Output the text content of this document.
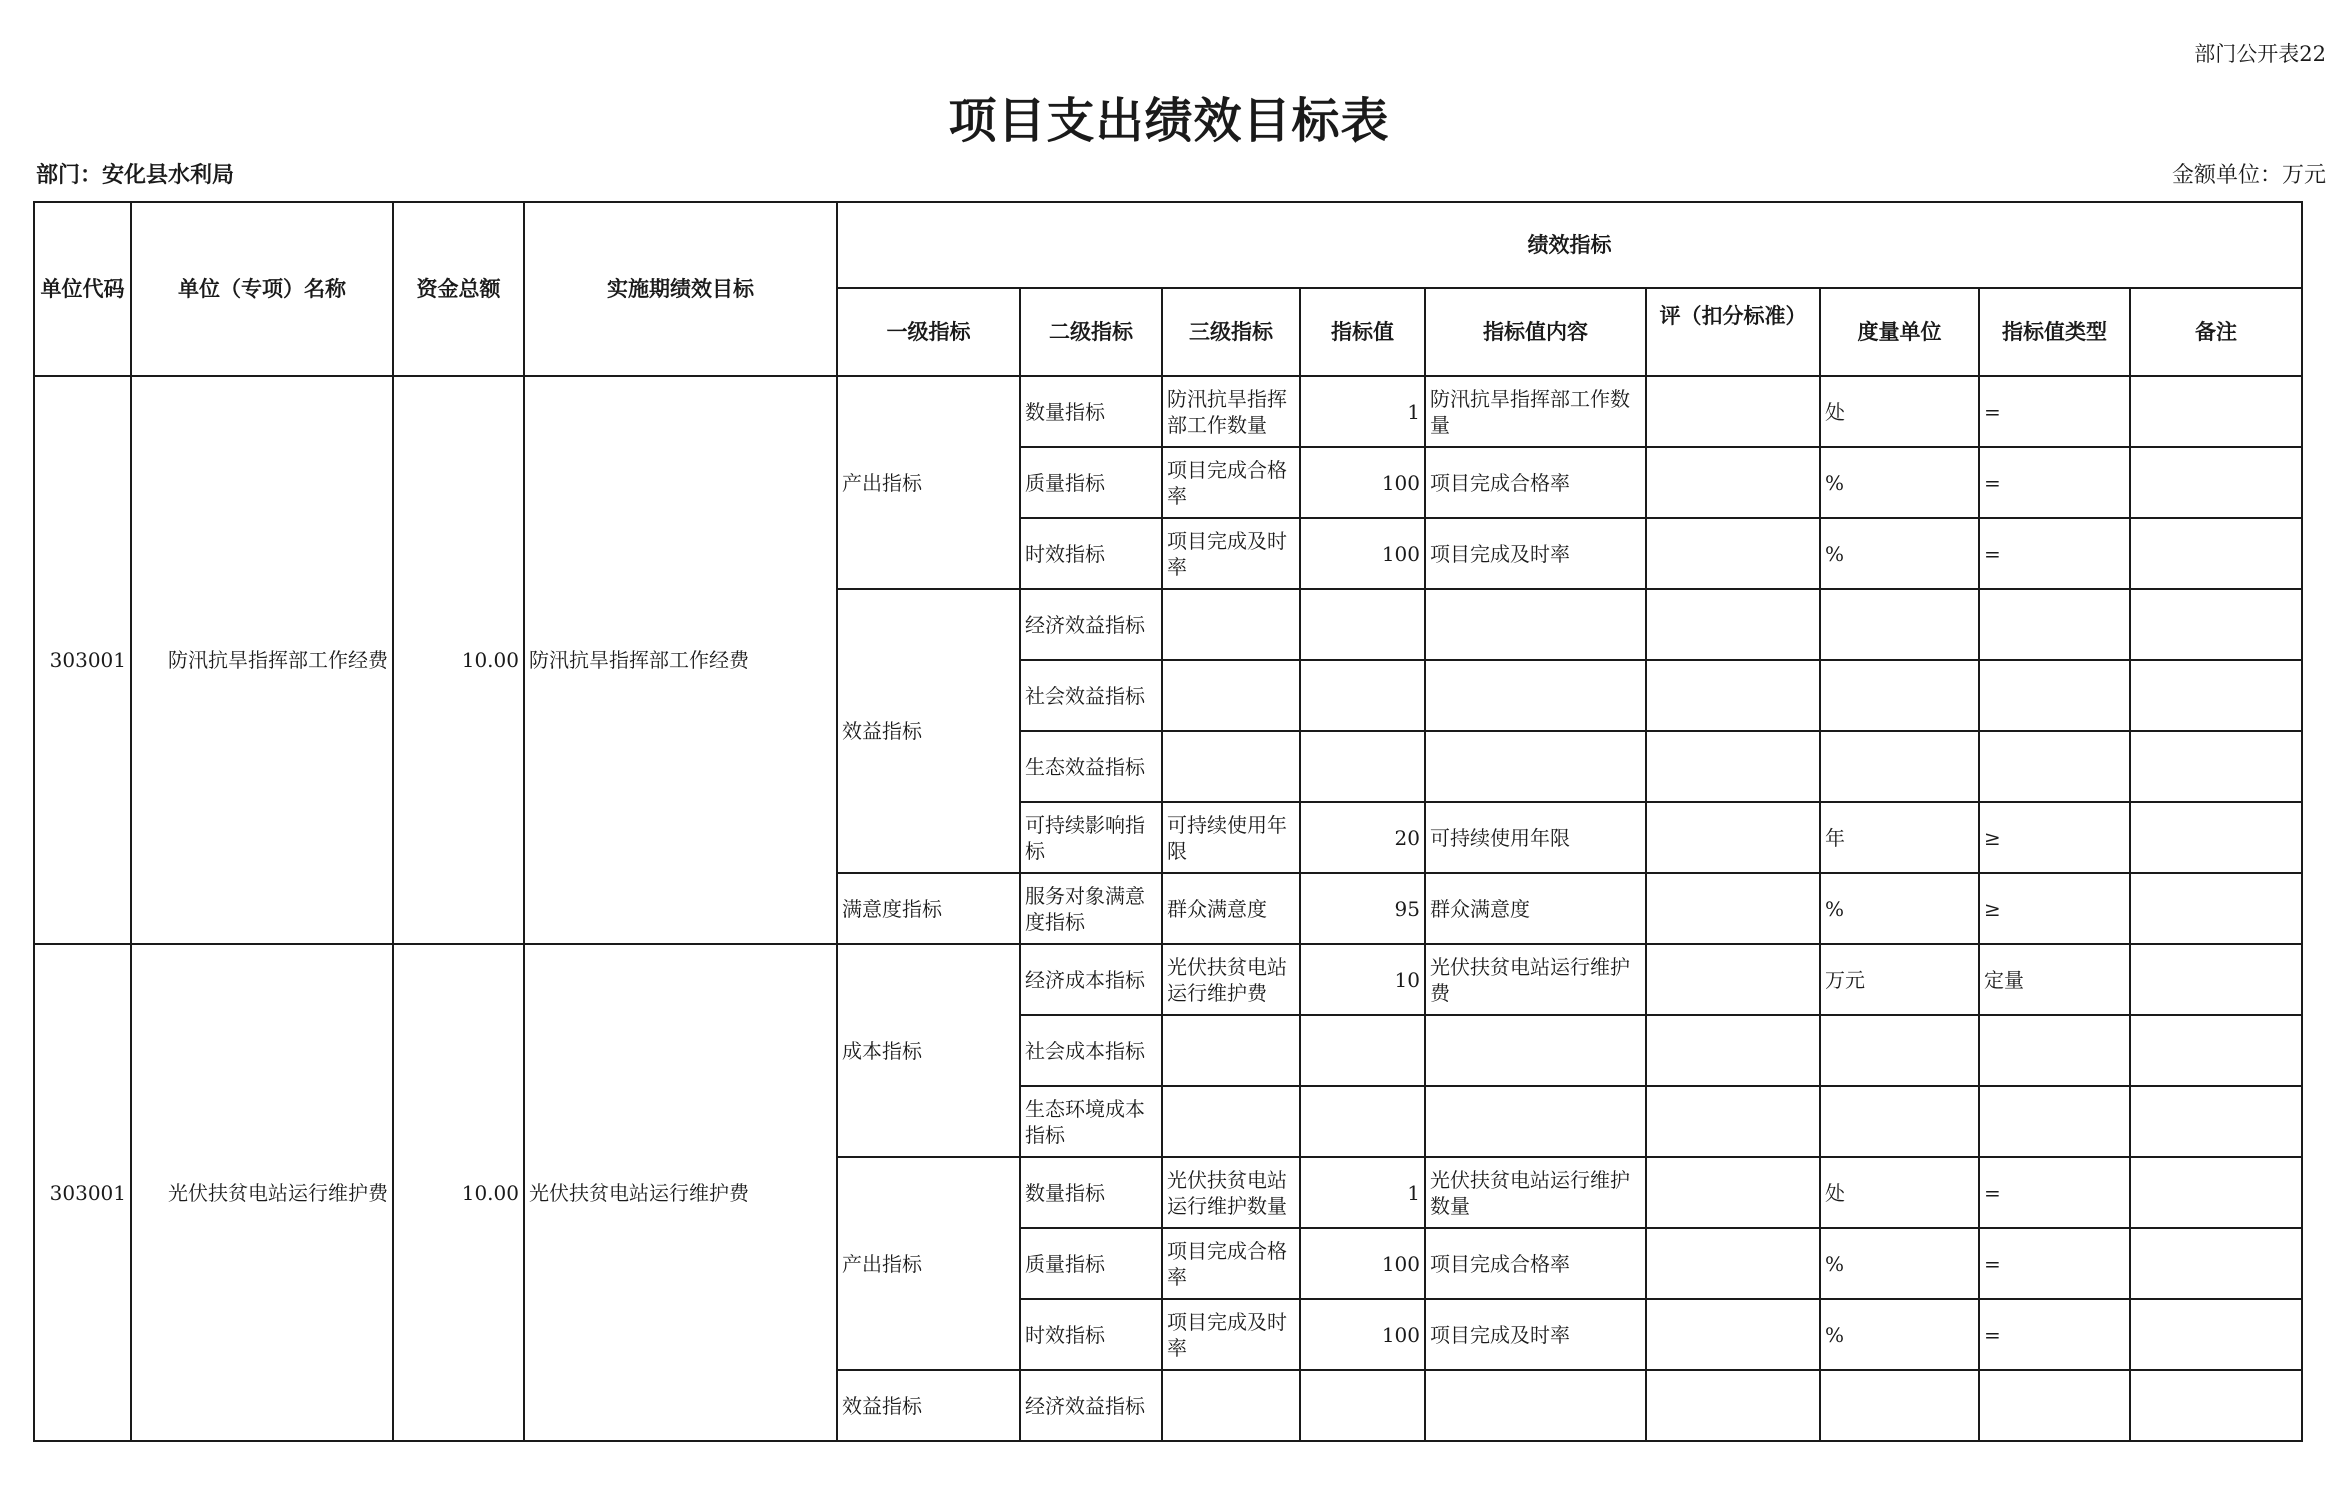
部门公开表22
项目支出绩效目标表
部门：安化县水利局	金额单位：万元
单位代码	单位（专项）名称	资金总额	实施期绩效目标	绩效指标								
				一级指标	二级指标	三级指标	指标值	指标值内容	评（扣分标准）	度量单位	指标值类型	备注
303001	防汛抗旱指挥部工作经费	10.00	防汛抗旱指挥部工作经费	产出指标	数量指标	防汛抗旱指挥部工作数量	1	防汛抗旱指挥部工作数量		处	=	
					质量指标	项目完成合格率	100	项目完成合格率		%	=	
					时效指标	项目完成及时率	100	项目完成及时率		%	=	
				效益指标	经济效益指标							
					社会效益指标							
					生态效益指标							
					可持续影响指标	可持续使用年限	20	可持续使用年限		年	≥	
				满意度指标	服务对象满意度指标	群众满意度	95	群众满意度		%	≥	
303001	光伏扶贫电站运行维护费	10.00	光伏扶贫电站运行维护费	成本指标	经济成本指标	光伏扶贫电站运行维护费	10	光伏扶贫电站运行维护费		万元	定量	
					社会成本指标							
					生态环境成本指标							
				产出指标	数量指标	光伏扶贫电站运行维护数量	1	光伏扶贫电站运行维护数量		处	=	
					质量指标	项目完成合格率	100	项目完成合格率		%	=	
					时效指标	项目完成及时率	100	项目完成及时率		%	=	
				效益指标	经济效益指标							
